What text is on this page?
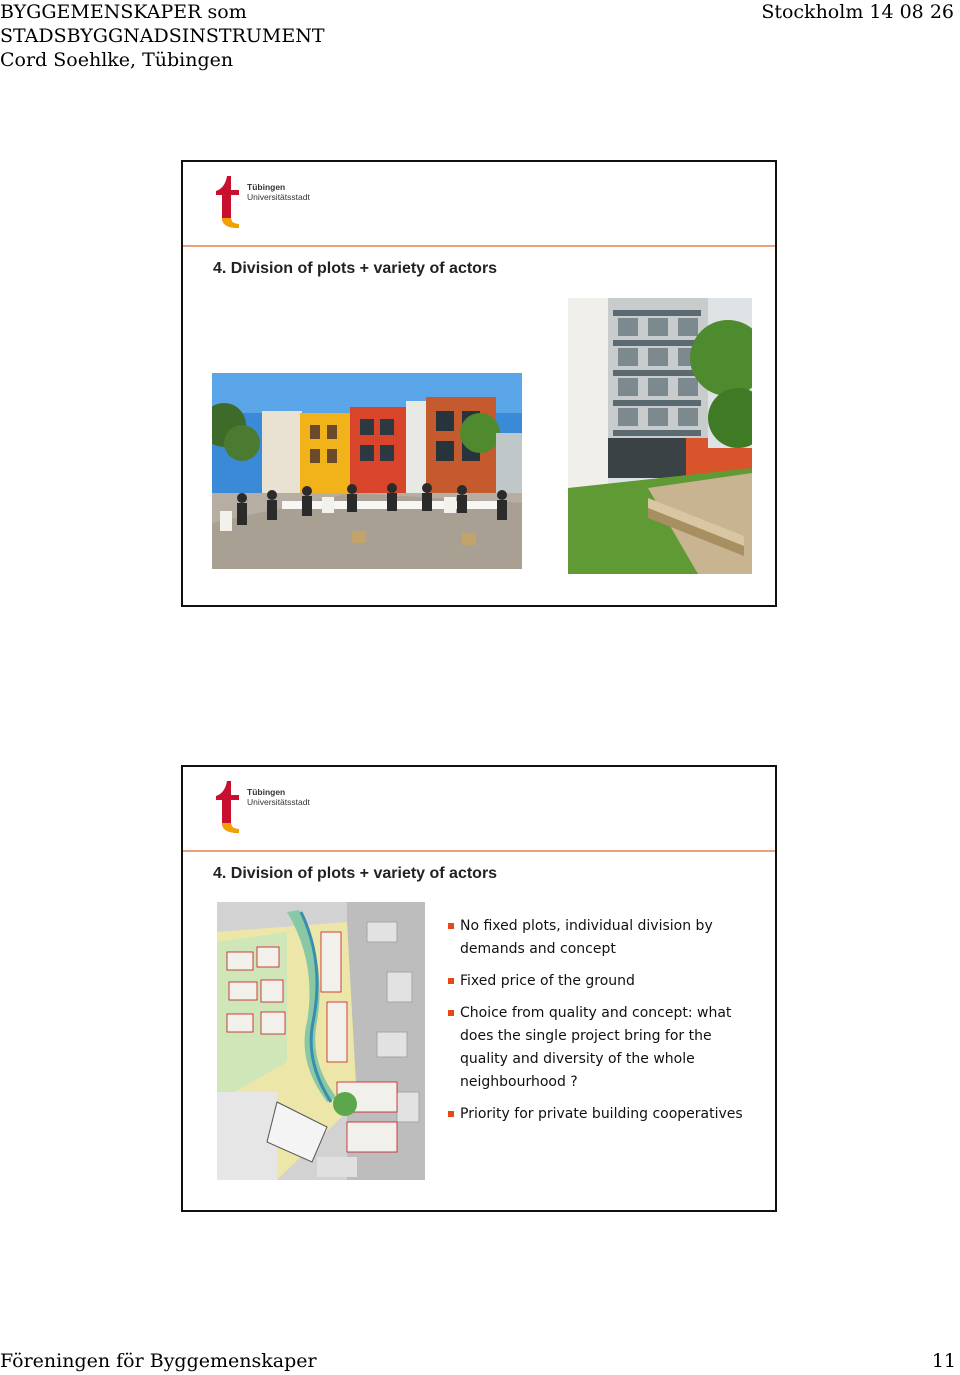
BYGGEMENSKAPER som
STADSBYGGNADSINSTRUMENT
Cord Soehlke, Tübingen
Stockholm 14 08 26
Tübingen
Universitätsstadt
4. Division of plots + variety of actors
Tübingen
Universitätsstadt
4. Division of plots + variety of actors
No fixed plots, individual division by demands and concept
Fixed price of the ground
Choice from quality and concept: what does the single project bring for the quality and diversity of the whole neighbourhood ?
Priority for private building cooperatives
Föreningen för Byggemenskaper	11
